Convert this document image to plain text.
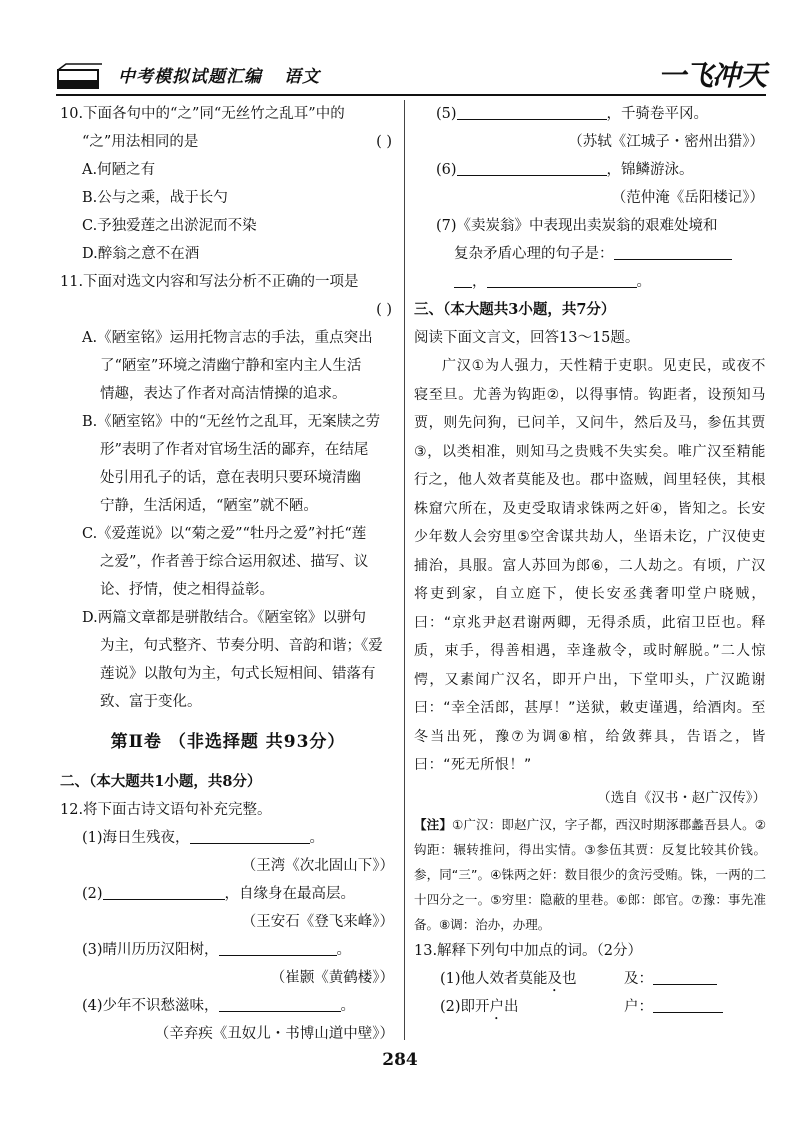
中考模拟试题汇编 语文	一飞冲天
10.下面各句中的“之”同“无丝竹之乱耳”中的
“之”用法相同的是	( )
A.何陋之有
B.公与之乘，战于长勺
C.予独爱莲之出淤泥而不染
D.醉翁之意不在酒
11.下面对选文内容和写法分析不正确的一项是

( )
A.《陋室铭》运用托物言志的手法，重点突出
了“陋室”环境之清幽宁静和室内主人生活
情趣，表达了作者对高洁情操的追求。
B.《陋室铭》中的“无丝竹之乱耳，无案牍之劳
形”表明了作者对官场生活的鄙弃，在结尾
处引用孔子的话，意在表明只要环境清幽
宁静，生活闲适，“陋室”就不陋。
C.《爱莲说》以“菊之爱”“牡丹之爱”衬托“莲
之爱”，作者善于综合运用叙述、描写、议
论、抒情，使之相得益彰。
D.两篇文章都是骈散结合。《陋室铭》以骈句
为主，句式整齐、节奏分明、音韵和谐；《爱
莲说》以散句为主，句式长短相间、错落有
致、富于变化。
第Ⅱ卷 （非选择题 共93分）
二、（本大题共1小题，共8分）
12.将下面古诗文语句补充完整。
(1)海日生残夜，	。
（王湾《次北固山下》）
(2)	，自缘身在最高层。
（王安石《登飞来峰》）
(3)晴川历历汉阳树，	。
（崔颢《黄鹤楼》）
(4)少年不识愁滋味，	。
（辛弃疾《丑奴儿・书博山道中壁》）
(5)	，千骑卷平冈。
（苏轼《江城子・密州出猎》）
(6)	，锦鳞游泳。
（范仲淹《岳阳楼记》）
(7)《卖炭翁》中表现出卖炭翁的艰难处境和
复杂矛盾心理的句子是：
，	。
三、（本大题共3小题，共7分）
阅读下面文言文，回答13～15题。
广汉①为人强力，天性精于吏职。见吏民，或夜不寝至旦。尤善为钩距②，以得事情。钩距者，设预知马贾，则先问狗，已问羊，又问牛，然后及马，参伍其贾③，以类相准，则知马之贵贱不失实矣。唯广汉至精能行之，他人效者莫能及也。郡中盗贼，闾里轻侠，其根株窟穴所在，及吏受取请求铢两之奸④，皆知之。长安少年数人会穷里⑤空舍谋共劫人，坐语未讫，广汉使吏捕治，具服。富人苏回为郎⑥，二人劫之。有顷，广汉将吏到家，自立庭下，使长安丞龚奢叩堂户晓贼，曰：“京兆尹赵君谢两卿，无得杀质，此宿卫臣也。释质，束手，得善相遇，幸逢赦令，或时解脱。”二人惊愕，又素闻广汉名，即开户出，下堂叩头，广汉跪谢曰：“幸全活郎，甚厚！”送狱，敕吏谨遇，给酒肉。至冬当出死，豫⑦为调⑧棺，给敛葬具，告语之，皆曰：“死无所恨！”
（选自《汉书・赵广汉传》）
【注】①广汉：即赵广汉，字子都，西汉时期涿郡蠡吾县人。②钩距：辗转推问，得出实情。③参伍其贾：反复比较其价钱。参，同“三”。④铢两之奸：数目很少的贪污受贿。铢，一两的二十四分之一。⑤穷里：隐蔽的里巷。⑥郎：郎官。⑦豫：事先准备。⑧调：治办，办理。
13.解释下列句中加点的词。（2分）
(1)他人效者莫能及也	及：
(2)即开户出	户：
284
